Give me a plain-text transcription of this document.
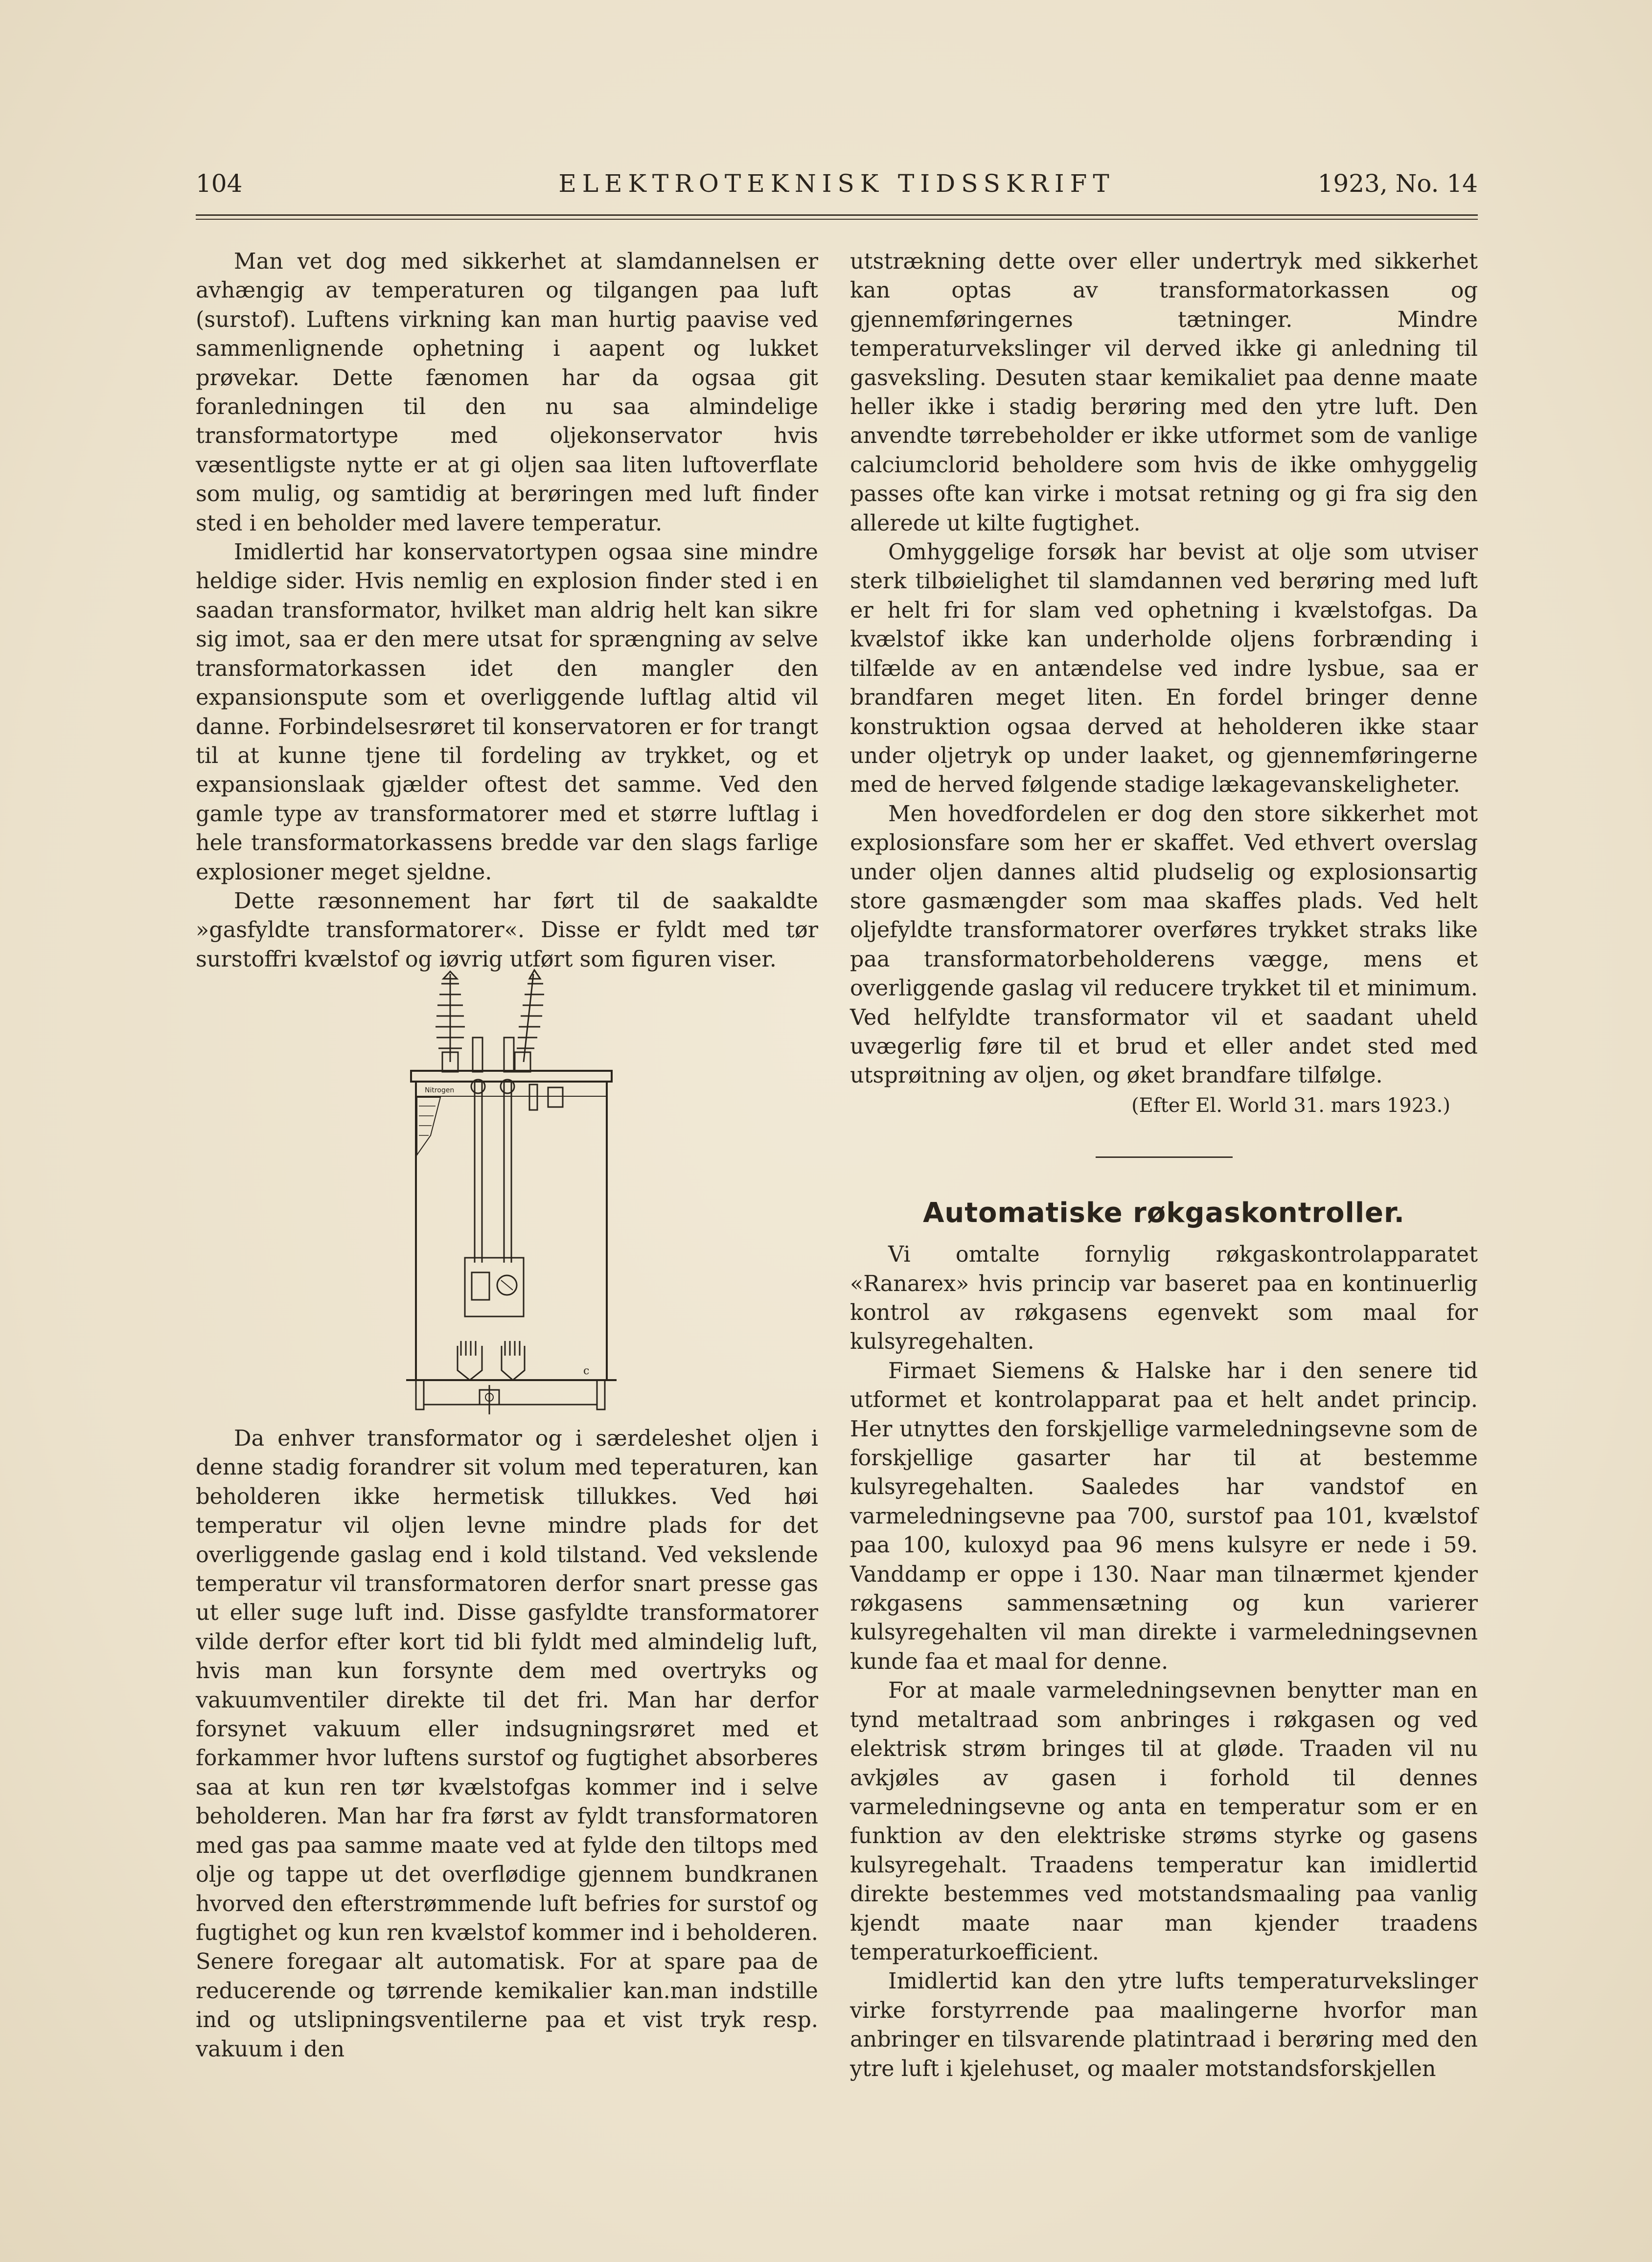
104	ELEKTROTEKNISK TIDSSKRIFT	1923, No. 14

Man vet dog med sikkerhet at slamdannelsen er avhængig av temperaturen og tilgangen paa luft (surstof). Luftens virkning kan man hurtig paavise ved sammenlignende ophetning i aapent og lukket prøvekar. Dette fænomen har da ogsaa git foranledningen til den nu saa almindelige transformatortype med oljekonservator hvis væsentligste nytte er at gi oljen saa liten luftoverflate som mulig, og samtidig at berøringen med luft finder sted i en beholder med lavere temperatur.

Imidlertid har konservatortypen ogsaa sine mindre heldige sider. Hvis nemlig en explosion finder sted i en saadan transformator, hvilket man aldrig helt kan sikre sig imot, saa er den mere utsat for sprængning av selve transformatorkassen idet den mangler den expansionspute som et overliggende luftlag altid vil danne. Forbindelsesrøret til konservatoren er for trangt til at kunne tjene til fordeling av trykket, og et expansionslaak gjælder oftest det samme. Ved den gamle type av transformatorer med et større luftlag i hele transformatorkassens bredde var den slags farlige explosioner meget sjeldne.

Dette ræsonnement har ført til de saakaldte »gasfyldte transformatorer«. Disse er fyldt med tør surstoffri kvælstof og iøvrig utført som figuren viser.

Nitrogen
c

Da enhver transformator og i særdeleshet oljen i denne stadig forandrer sit volum med teperaturen, kan beholderen ikke hermetisk tillukkes. Ved høi temperatur vil oljen levne mindre plads for det overliggende gaslag end i kold tilstand. Ved vekslende temperatur vil transformatoren derfor snart presse gas ut eller suge luft ind. Disse gasfyldte transformatorer vilde derfor efter kort tid bli fyldt med almindelig luft, hvis man kun forsynte dem med overtryks og vakuumventiler direkte til det fri. Man har derfor forsynet vakuum eller indsugningsrøret med et forkammer hvor luftens surstof og fugtighet absorberes saa at kun ren tør kvælstofgas kommer ind i selve beholderen. Man har fra først av fyldt transformatoren med gas paa samme maate ved at fylde den tiltops med olje og tappe ut det overflødige gjennem bundkranen hvorved den efterstrømmende luft befries for surstof og fugtighet og kun ren kvælstof kommer ind i beholderen. Senere foregaar alt automatisk. For at spare paa de reducerende og tørrende kemikalier kan.man indstille ind og utslipningsventilerne paa et vist tryk resp. vakuum i den

utstrækning dette over eller undertryk med sikkerhet kan optas av transformatorkassen og gjennemføringernes tætninger. Mindre temperaturvekslinger vil derved ikke gi anledning til gasveksling. Desuten staar kemikaliet paa denne maate heller ikke i stadig berøring med den ytre luft. Den anvendte tørrebeholder er ikke utformet som de vanlige calciumclorid beholdere som hvis de ikke omhyggelig passes ofte kan virke i motsat retning og gi fra sig den allerede ut kilte fugtighet.

Omhyggelige forsøk har bevist at olje som utviser sterk tilbøielighet til slamdannen ved berøring med luft er helt fri for slam ved ophetning i kvælstofgas. Da kvælstof ikke kan underholde oljens forbrænding i tilfælde av en antændelse ved indre lysbue, saa er brandfaren meget liten. En fordel bringer denne konstruktion ogsaa derved at heholderen ikke staar under oljetryk op under laaket, og gjennemføringerne med de herved følgende stadige lækagevanskeligheter.

Men hovedfordelen er dog den store sikkerhet mot explosionsfare som her er skaffet. Ved ethvert overslag under oljen dannes altid pludselig og explosionsartig store gasmængder som maa skaffes plads. Ved helt oljefyldte transformatorer overføres trykket straks like paa transformatorbeholderens vægge, mens et overliggende gaslag vil reducere trykket til et minimum. Ved helfyldte transformator vil et saadant uheld uvægerlig føre til et brud et eller andet sted med utsprøitning av oljen, og øket brandfare tilfølge.

(Efter El. World 31. mars 1923.)
Automatiske røkgaskontroller.

Vi omtalte fornylig røkgaskontrolapparatet «Ranarex» hvis princip var baseret paa en kontinuerlig kontrol av røkgasens egenvekt som maal for kulsyregehalten.

Firmaet Siemens & Halske har i den senere tid utformet et kontrolapparat paa et helt andet princip. Her utnyttes den forskjellige varmeledningsevne som de forskjellige gasarter har til at bestemme kulsyregehalten. Saaledes har vandstof en varmeledningsevne paa 700, surstof paa 101, kvælstof paa 100, kuloxyd paa 96 mens kulsyre er nede i 59. Vanddamp er oppe i 130. Naar man tilnærmet kjender røkgasens sammensætning og kun varierer kulsyregehalten vil man direkte i varmeledningsevnen kunde faa et maal for denne.

For at maale varmeledningsevnen benytter man en tynd metaltraad som anbringes i røkgasen og ved elektrisk strøm bringes til at gløde. Traaden vil nu avkjøles av gasen i forhold til dennes varmeledningsevne og anta en temperatur som er en funktion av den elektriske strøms styrke og gasens kulsyregehalt. Traadens temperatur kan imidlertid direkte bestemmes ved motstandsmaaling paa vanlig kjendt maate naar man kjender traadens temperaturkoefficient.

Imidlertid kan den ytre lufts temperaturvekslinger virke forstyrrende paa maalingerne hvorfor man anbringer en tilsvarende platintraad i berøring med den ytre luft i kjelehuset, og maaler motstandsforskjellen
